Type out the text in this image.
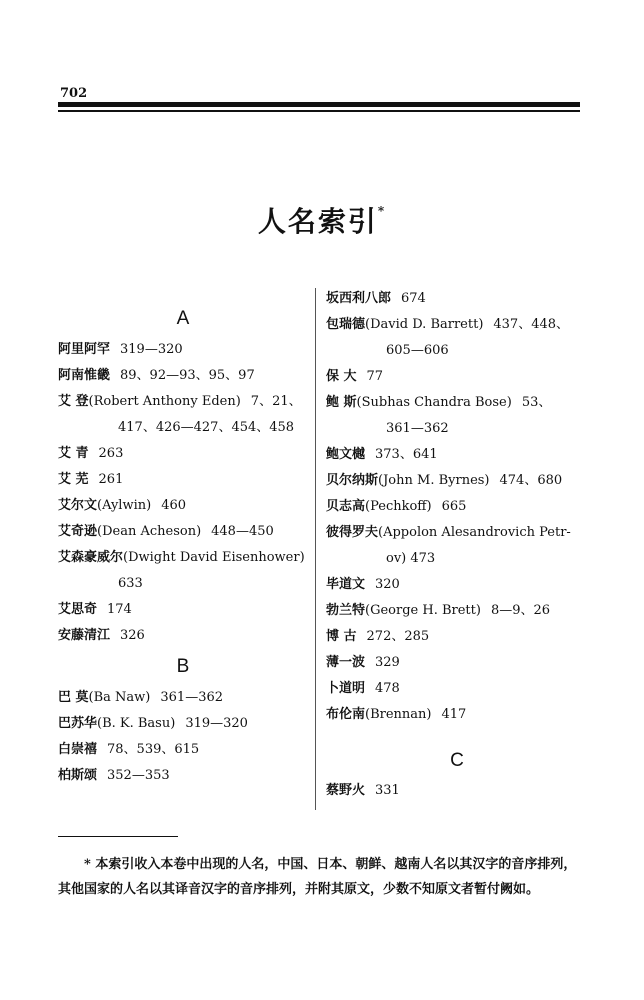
702
人名索引*
A
阿里阿罕 319—320
阿南惟畿 89、92—93、95、97
艾 登(Robert Anthony Eden) 7、21、
417、426—427、454、458
艾 青 263
艾 芜 261
艾尔文(Aylwin) 460
艾奇逊(Dean Acheson) 448—450
艾森豪威尔(Dwight David Eisenhower)
633
艾思奇 174
安藤清江 326
B
巴 莫(Ba Naw) 361—362
巴苏华(B. K. Basu) 319—320
白崇禧 78、539、615
柏斯颂 352—353
坂西利八郎 674
包瑞德(David D. Barrett) 437、448、
605—606
保 大 77
鲍 斯(Subhas Chandra Bose) 53、
361—362
鲍文樾 373、641
贝尔纳斯(John M. Byrnes) 474、680
贝志高(Pechkoff) 665
彼得罗夫(Appolon Alesandrovich Petr-
ov) 473
毕道文 320
勃兰特(George H. Brett) 8—9、26
博 古 272、285
薄一波 329
卜道明 478
布伦南(Brennan) 417
C
蔡野火 331
* 本索引收入本卷中出现的人名，中国、日本、朝鲜、越南人名以其汉字的音序排列，其他国家的人名以其译音汉字的音序排列，并附其原文，少数不知原文者暂付阙如。
